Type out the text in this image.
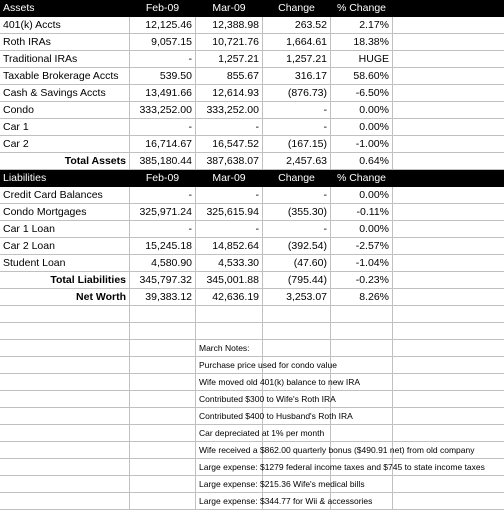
Assets	Feb-09	Mar-09	Change	% Change
401(k) Accts	12,125.46	12,388.98	263.52	2.17%
Roth IRAs	9,057.15	10,721.76	1,664.61	18.38%
Traditional IRAs	-	1,257.21	1,257.21	HUGE
Taxable Brokerage Accts	539.50	855.67	316.17	58.60%
Cash & Savings Accts	13,491.66	12,614.93	(876.73)	-6.50%
Condo	333,252.00	333,252.00	-	0.00%
Car 1	-	-	-	0.00%
Car 2	16,714.67	16,547.52	(167.15)	-1.00%
Total Assets	385,180.44	387,638.07	2,457.63	0.64%
Liabilities	Feb-09	Mar-09	Change	% Change
Credit Card Balances	-	-	-	0.00%
Condo Mortgages	325,971.24	325,615.94	(355.30)	-0.11%
Car 1 Loan	-	-	-	0.00%
Car 2 Loan	15,245.18	14,852.64	(392.54)	-2.57%
Student Loan	4,580.90	4,533.30	(47.60)	-1.04%
Total Liabilities	345,797.32	345,001.88	(795.44)	-0.23%
Net Worth	39,383.12	42,636.19	3,253.07	8.26%
March Notes:
Purchase price used for condo value
Wife moved old 401(k) balance to new IRA
Contributed $300 to Wife's Roth IRA
Contributed $400 to Husband's Roth IRA
Car depreciated at 1% per month
Wife received a $862.00 quarterly bonus ($490.91 net) from old company
Large expense: $1279 federal income taxes and $745 to state income taxes
Large expense: $215.36 Wife's medical bills
Large expense: $344.77 for Wii & accessories
